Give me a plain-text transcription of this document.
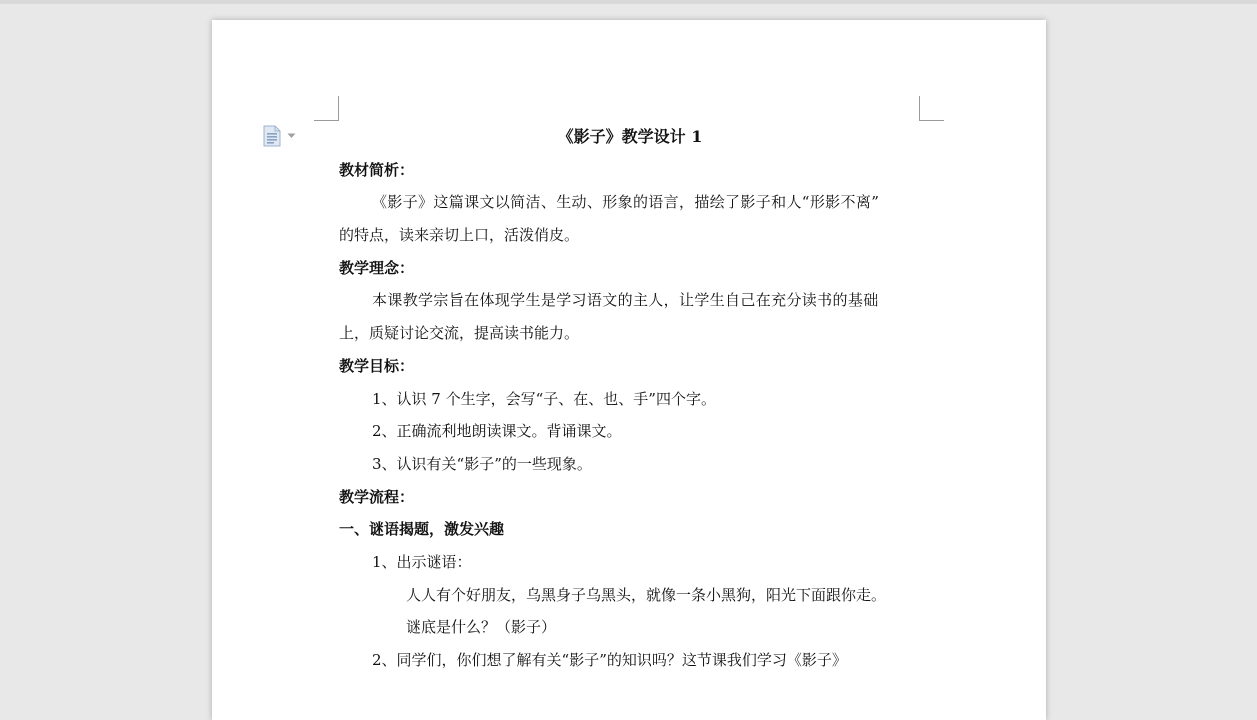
《影子》教学设计 1
教材简析：
《影子》这篇课文以简洁、生动、形象的语言，描绘了影子和人“形影不离”
的特点，读来亲切上口，活泼俏皮。
教学理念：
本课教学宗旨在体现学生是学习语文的主人，让学生自己在充分读书的基础
上，质疑讨论交流，提高读书能力。
教学目标：
1、认识 7 个生字，会写“子、在、也、手”四个字。
2、正确流利地朗读课文。背诵课文。
3、认识有关“影子”的一些现象。
教学流程：
一、谜语揭题，激发兴趣
1、出示谜语：
人人有个好朋友，乌黑身子乌黑头，就像一条小黑狗，阳光下面跟你走。
谜底是什么？（影子）
2、同学们，你们想了解有关“影子”的知识吗？这节课我们学习《影子》
